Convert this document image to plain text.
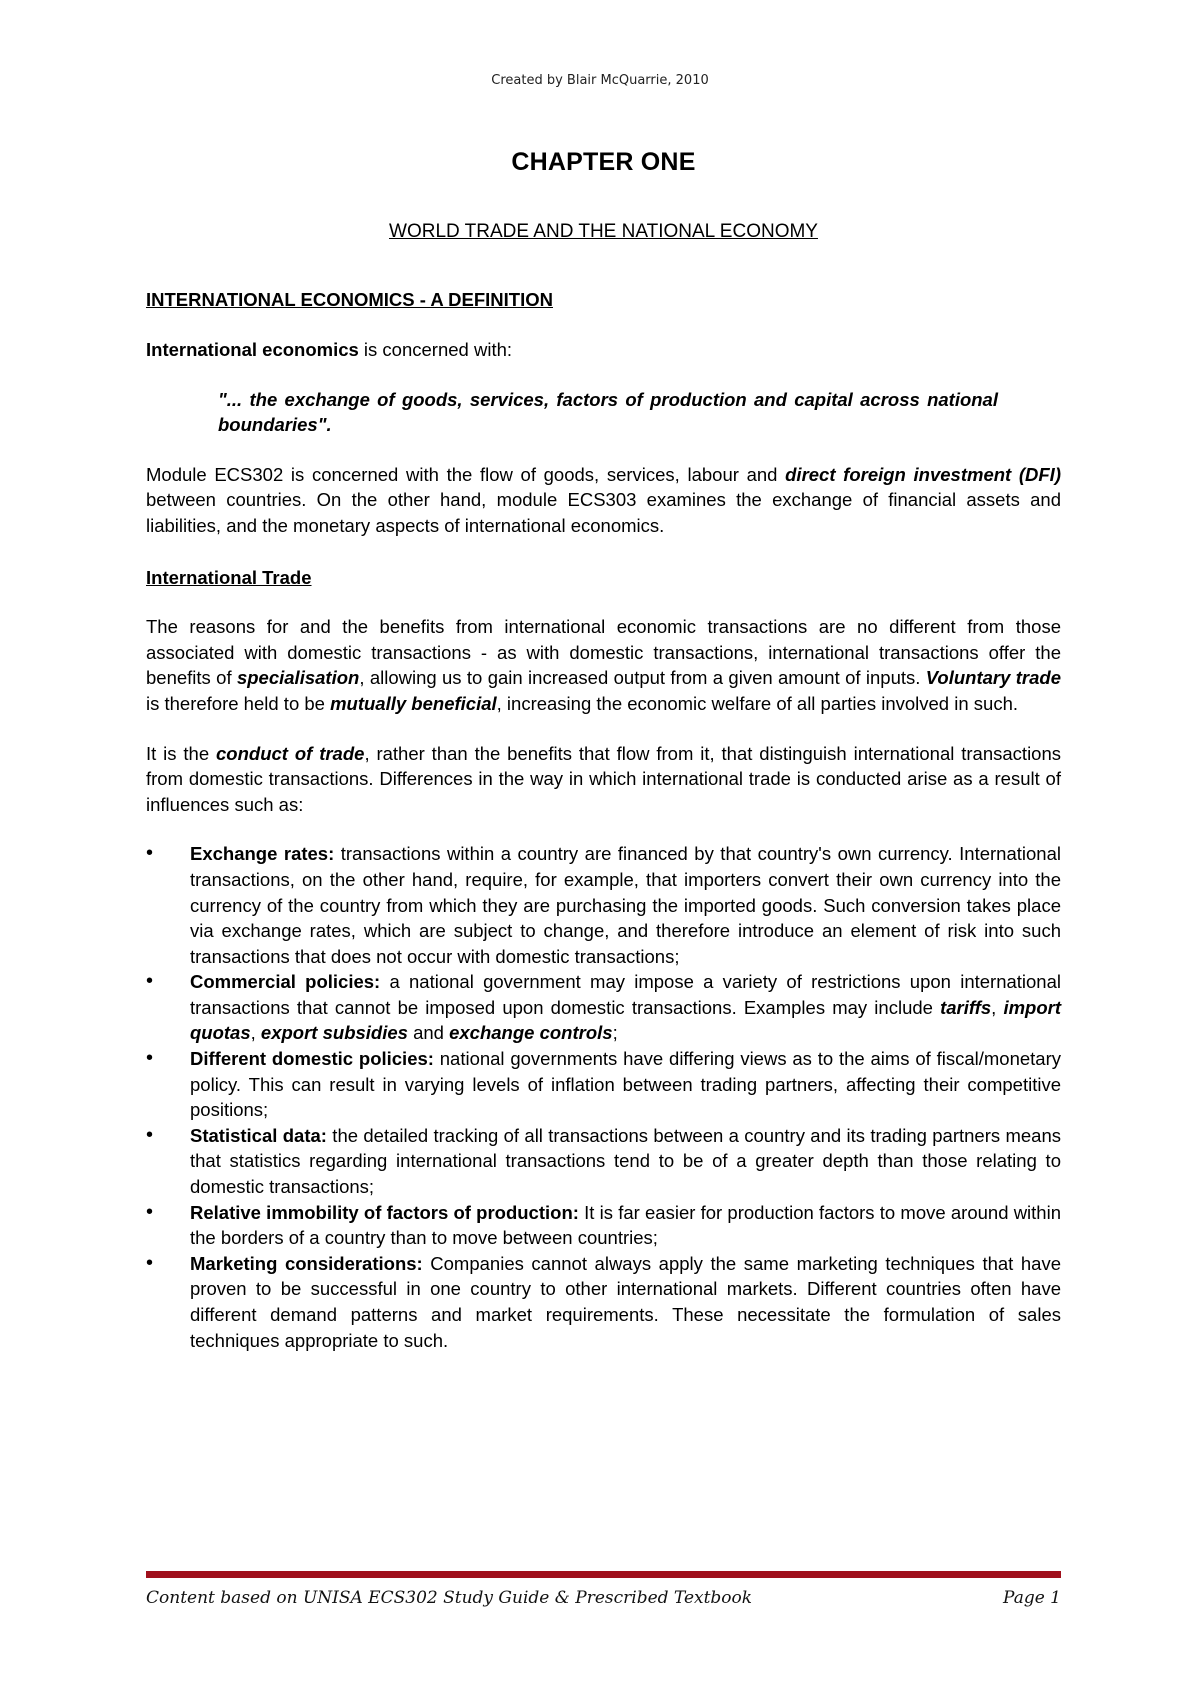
Created by Blair McQuarrie, 2010
CHAPTER ONE
WORLD TRADE AND THE NATIONAL ECONOMY
INTERNATIONAL ECONOMICS - A DEFINITION

International economics is concerned with:

"... the exchange of goods, services, factors of production and capital across national boundaries".

Module ECS302 is concerned with the flow of goods, services, labour and direct foreign investment (DFI) between countries. On the other hand, module ECS303 examines the exchange of financial assets and liabilities, and the monetary aspects of international economics.

International Trade

The reasons for and the benefits from international economic transactions are no different from those associated with domestic transactions - as with domestic transactions, international transactions offer the benefits of specialisation, allowing us to gain increased output from a given amount of inputs. Voluntary trade is therefore held to be mutually beneficial, increasing the economic welfare of all parties involved in such.

It is the conduct of trade, rather than the benefits that flow from it, that distinguish international transactions from domestic transactions. Differences in the way in which international trade is conducted arise as a result of influences such as:

•	Exchange rates: transactions within a country are financed by that country's own currency. International transactions, on the other hand, require, for example, that importers convert their own currency into the currency of the country from which they are purchasing the imported goods. Such conversion takes place via exchange rates, which are subject to change, and therefore introduce an element of risk into such transactions that does not occur with domestic transactions;
•	Commercial policies: a national government may impose a variety of restrictions upon international transactions that cannot be imposed upon domestic transactions. Examples may include tariffs, import quotas, export subsidies and exchange controls;
•	Different domestic policies: national governments have differing views as to the aims of fiscal/monetary policy. This can result in varying levels of inflation between trading partners, affecting their competitive positions;
•	Statistical data: the detailed tracking of all transactions between a country and its trading partners means that statistics regarding international transactions tend to be of a greater depth than those relating to domestic transactions;
•	Relative immobility of factors of production: It is far easier for production factors to move around within the borders of a country than to move between countries;
•	Marketing considerations: Companies cannot always apply the same marketing techniques that have proven to be successful in one country to other international markets. Different countries often have different demand patterns and market requirements. These necessitate the formulation of sales techniques appropriate to such.
Content based on UNISA ECS302 Study Guide & Prescribed Textbook	Page 1
